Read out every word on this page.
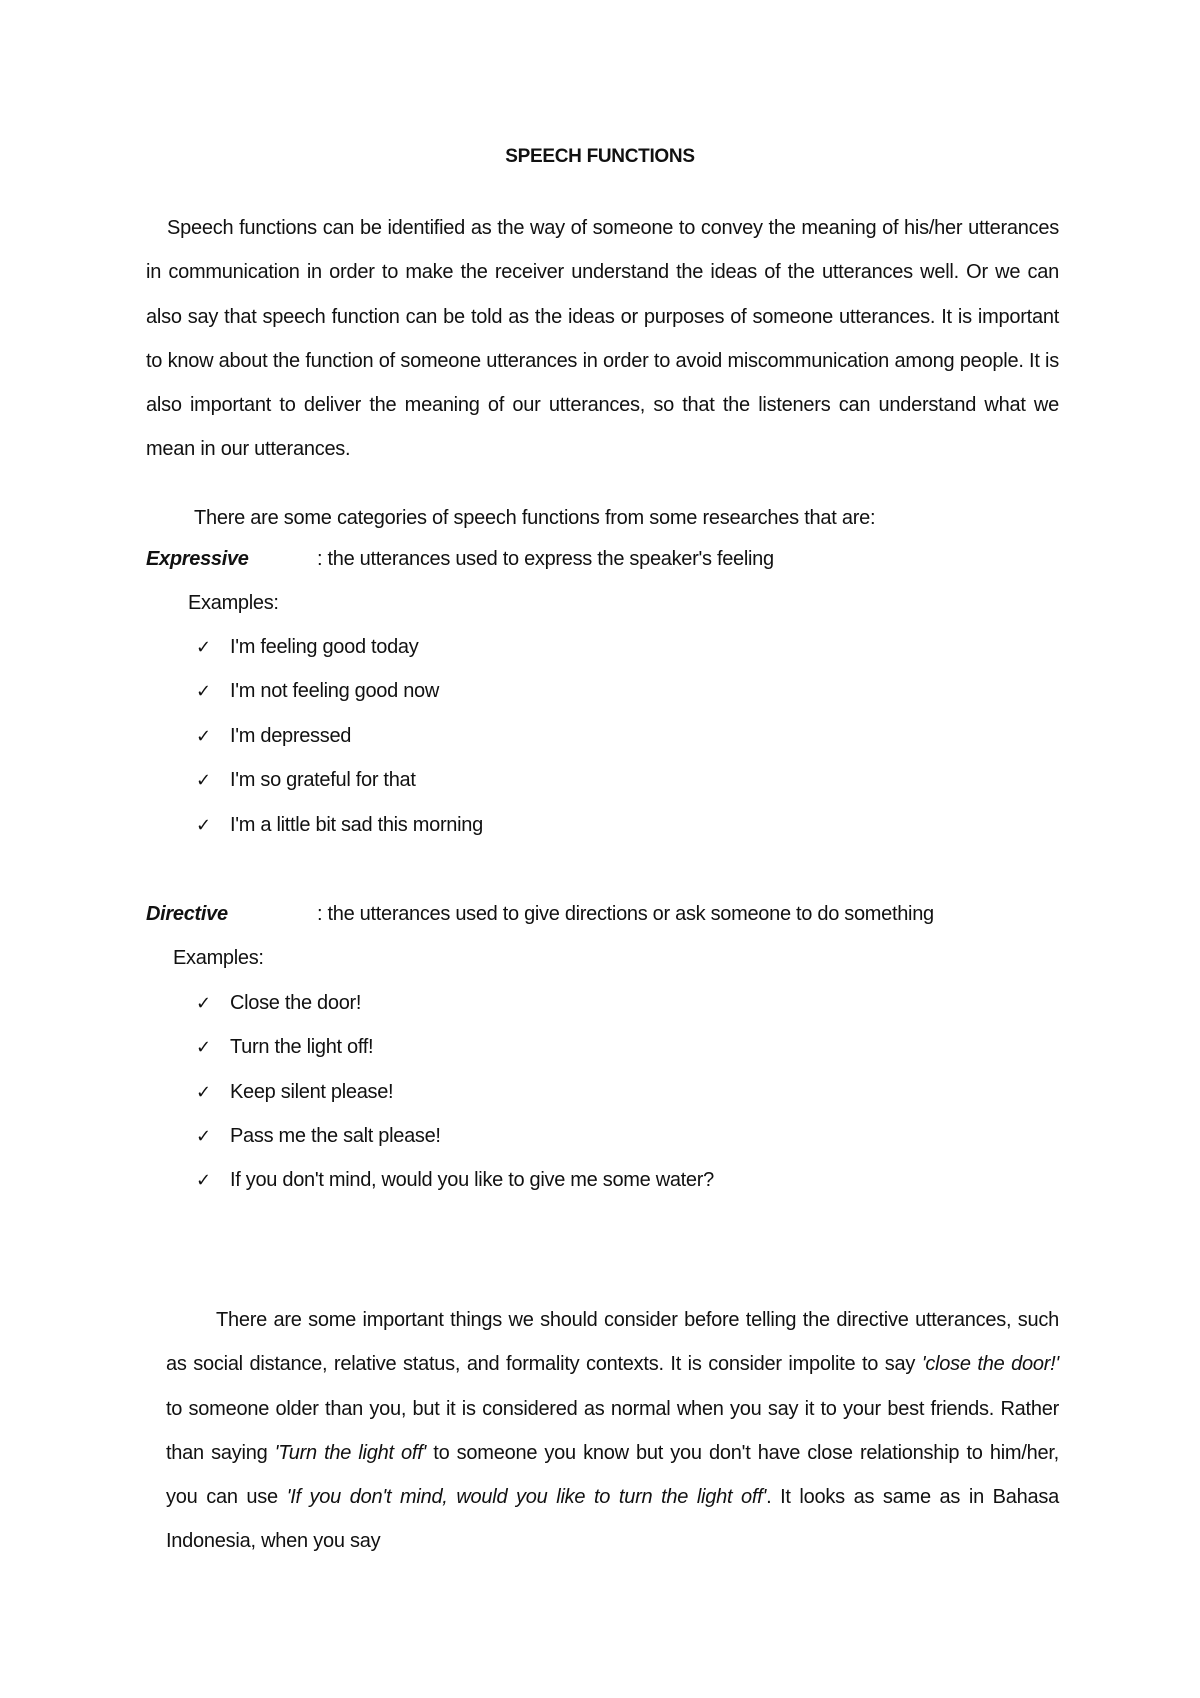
SPEECH FUNCTIONS

Speech functions can be identified as the way of someone to convey the meaning of his/her utterances in communication in order to make the receiver understand the ideas of the utterances well. Or we can also say that speech function can be told as the ideas or purposes of someone utterances. It is important to know about the function of someone utterances in order to avoid miscommunication among people. It is also important to deliver the meaning of our utterances, so that the listeners can understand what we mean in our utterances.

There are some categories of speech functions from some researches that are:

Expressive	: the utterances used to express the speaker's feeling
Examples:
✓ I'm feeling good today
✓ I'm not feeling good now
✓ I'm depressed
✓ I'm so grateful for that
✓ I'm a little bit sad this morning
Directive	: the utterances used to give directions or ask someone to do something
Examples:
✓ Close the door!
✓ Turn the light off!
✓ Keep silent please!
✓ Pass me the salt please!
✓ If you don't mind, would you like to give me some water?

There are some important things we should consider before telling the directive utterances, such as social distance, relative status, and formality contexts. It is consider impolite to say 'close the door!' to someone older than you, but it is considered as normal when you say it to your best friends. Rather than saying 'Turn the light off' to someone you know but you don't have close relationship to him/her, you can use 'If you don't mind, would you like to turn the light off'. It looks as same as in Bahasa Indonesia, when you say
